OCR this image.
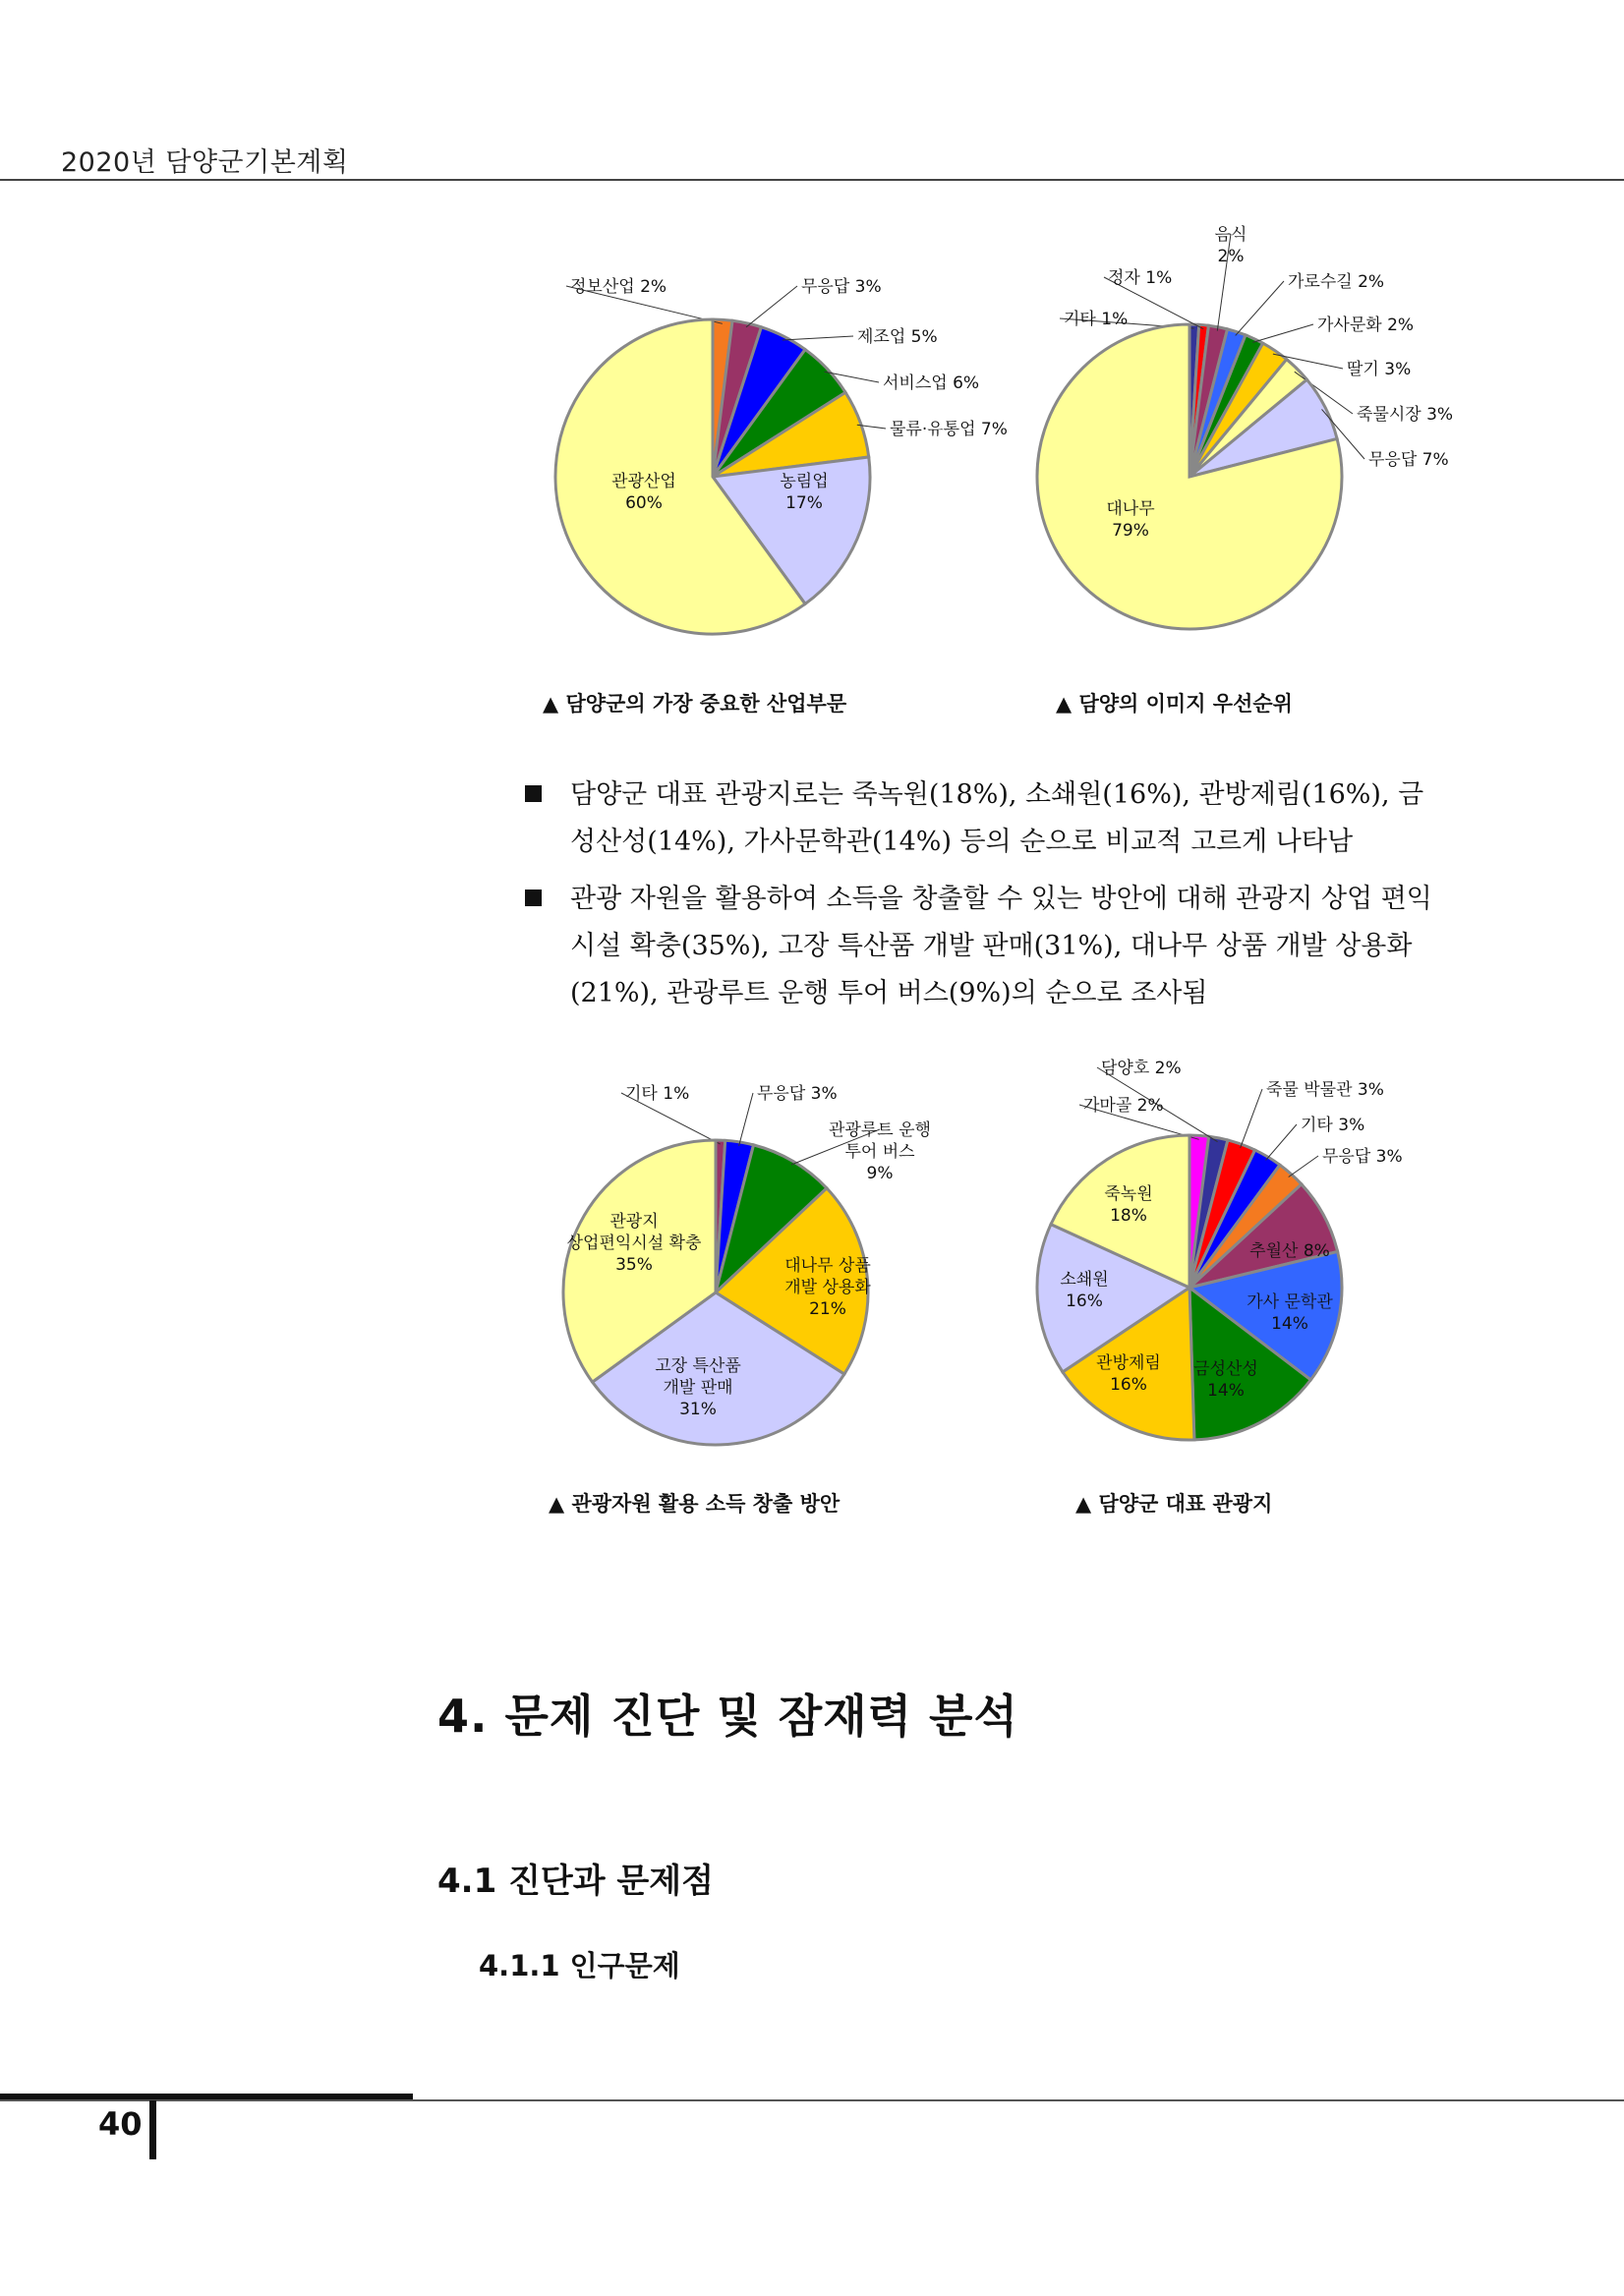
2020년 담양군기본계획
정보산업 2%	무응답 3%
제조업 5%
서비스업 6%
물류·유통업 7%
농림업 17%
관광산업 60%
▲ 담양군의 가장 중요한 산업부문
기타 1%
정자 1%
음식 2%
가로수길 2%
가사문화 2%
딸기 3%
죽물시장 3%
무응답 7%
대나무 79%
▲ 담양의 이미지 우선순위
담양군 대표 관광지로는 죽녹원(18%), 소쇄원(16%), 관방제림(16%), 금성산성(14%), 가사문학관(14%) 등의 순으로 비교적 고르게 나타남
관광 자원을 활용하여 소득을 창출할 수 있는 방안에 대해 관광지 상업 편익 시설 확충(35%), 고장 특산품 개발 판매(31%), 대나무 상품 개발 상용화(21%), 관광루트 운행 투어 버스(9%)의 순으로 조사됨
기타 1%	무응답 3%
관광루트 운행 투어 버스 9%
대나무 상품 개발 상용화 21%
고장 특산품 개발 판매 31%
관광지 상업편익시설 확충 35%
▲ 관광자원 활용 소득 창출 방안
가마골 2%
담양호 2%
죽물 박물관 3%
기타 3%
무응답 3%
추월산 8%
가사 문학관 14%
금성산성 14%
관방제림 16%
소쇄원 16%
죽녹원 18%
▲ 담양군 대표 관광지
4. 문제 진단 및 잠재력 분석
4.1 진단과 문제점
4.1.1 인구문제
40
